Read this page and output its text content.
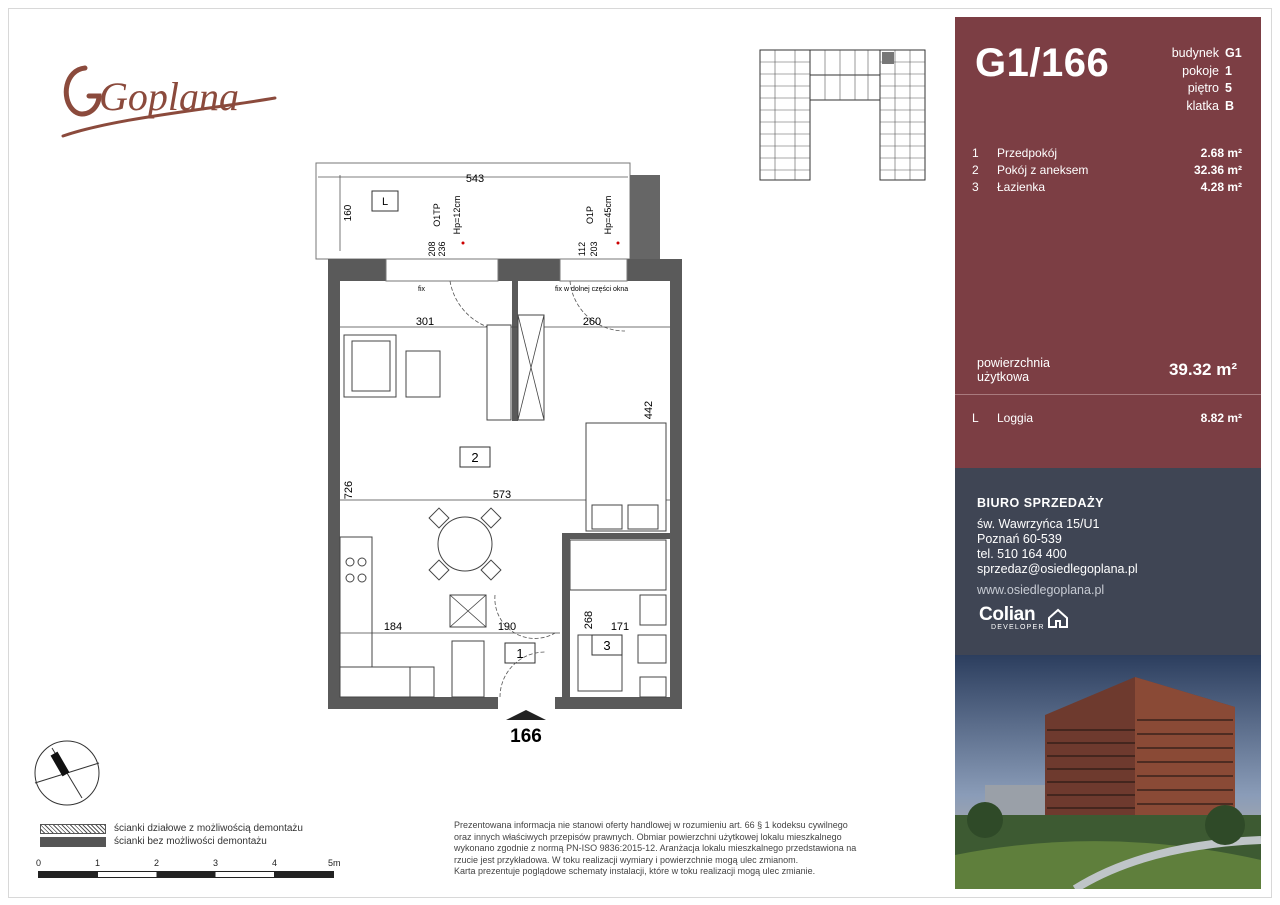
Goplana
543
160
L
O1TP Hp=12cm
208 236
O1P Hp=45cm
112 203
fix	fix w dolnej części okna
301	260
573
726
442
2
184	190	268 171
1
3
166
ścianki działowe z możliwością demontażu
ścianki bez możliwości demontażu
0	1	2	3	4	5m
Prezentowana informacja nie stanowi oferty handlowej w rozumieniu art. 66 § 1 kodeksu cywilnego
oraz innych właściwych przepisów prawnych. Obmiar powierzchni użytkowej lokalu mieszkalnego
wykonano zgodnie z normą PN-ISO 9836:2015-12. Aranżacja lokalu mieszkalnego przedstawiona na
rzucie jest przykładowa. W toku realizacji wymiary i powierzchnie mogą ulec zmianom.
Karta prezentuje poglądowe schematy instalacji, które w toku realizacji mogą ulec zmianie.
G1/166	budynek G1
pokoje 1
piętro 5
klatka B
1	Przedpokój	2.68 m²
2	Pokój z aneksem	32.36 m²
3	Łazienka	4.28 m²
powierzchnia
użytkowa	39.32 m²
L	Loggia	8.82 m²
BIURO SPRZEDAŻY
św. Wawrzyńca 15/U1
Poznań 60-539
tel. 510 164 400
sprzedaz@osiedlegoplana.pl
www.osiedlegoplana.pl
Colian
DEVELOPER
